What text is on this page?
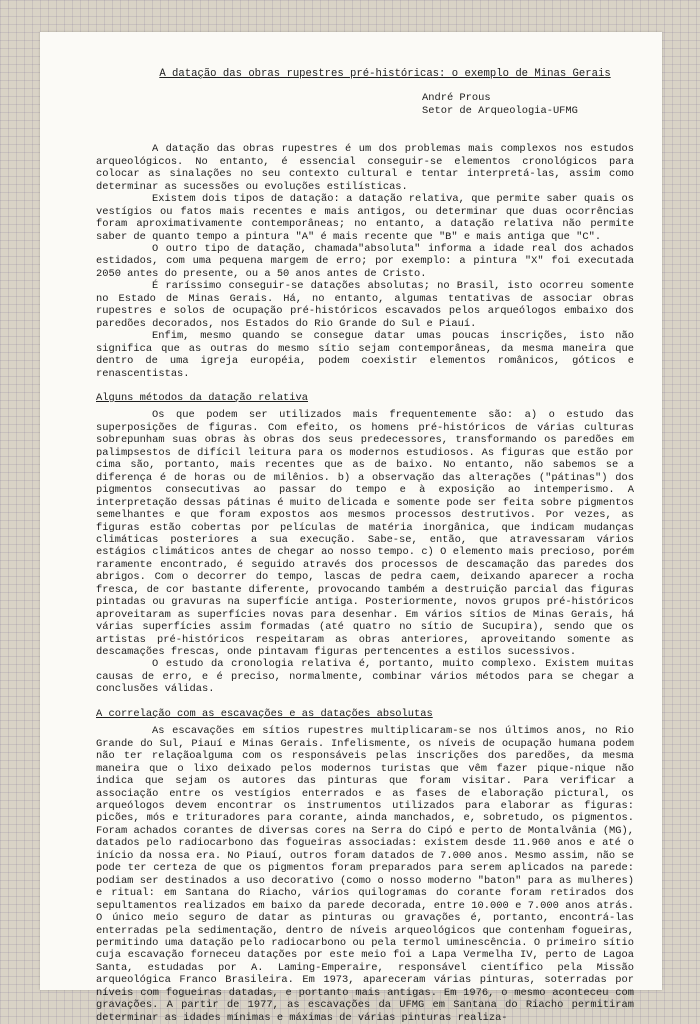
A datação das obras rupestres pré-históricas: o exemplo de Minas Gerais
André Prous
Setor de Arqueologia-UFMG

A datação das obras rupestres é um dos problemas mais complexos nos estudos arqueológicos. No entanto, é essencial conseguir-se elementos cronológicos para colocar as sinalações no seu contexto cultural e tentar interpretá-las, assim como determinar as sucessões ou evoluções estilísticas.

Existem dois tipos de datação: a datação relativa, que permite saber quais os vestígios ou fatos mais recentes e mais antigos, ou determinar que duas ocorrências foram aproximativamente contemporâneas; no entanto, a datação relativa não permite saber de quanto tempo a pintura "A" é mais recente que "B" e mais antiga que "C".

O outro tipo de datação, chamada"absoluta" informa a idade real dos achados estidados, com uma pequena margem de erro; por exemplo: a pintura "X" foi executada 2050 antes do presente, ou a 50 anos antes de Cristo.

É raríssimo conseguir-se datações absolutas; no Brasil, isto ocorreu somente no Estado de Minas Gerais. Há, no entanto, algumas tentativas de associar obras rupestres e solos de ocupação pré-históricos escavados pelos arqueólogos embaixo dos paredões decorados, nos Estados do Rio Grande do Sul e Piauí.

Enfim, mesmo quando se consegue datar umas poucas inscrições, isto não significa que as outras do mesmo sítio sejam contemporâneas, da mesma maneira que dentro de uma igreja européia, podem coexistir elementos românicos, góticos e renascentistas.

Alguns métodos da datação relativa

Os que podem ser utilizados mais frequentemente são: a) o estudo das superposições de figuras. Com efeito, os homens pré-históricos de várias culturas sobrepunham suas obras às obras dos seus predecessores, transformando os paredões em palimpsestos de difícil leitura para os modernos estudiosos. As figuras que estão por cima são, portanto, mais recentes que as de baixo. No entanto, não sabemos se a diferença é de horas ou de milênios. b) a observação das alterações ("pátinas") dos pigmentos consecutivas ao passar do tempo e à exposição ao intemperismo. A interpretação dessas pátinas é muito delicada e somente pode ser feita sobre pigmentos semelhantes e que foram expostos aos mesmos processos destrutivos. Por vezes, as figuras estão cobertas por películas de matéria inorgânica, que indicam mudanças climáticas posteriores a sua execução. Sabe-se, então, que atravessaram vários estágios climáticos antes de chegar ao nosso tempo. c) O elemento mais precioso, porém raramente encontrado, é seguido através dos processos de descamação das paredes dos abrigos. Com o decorrer do tempo, lascas de pedra caem, deixando aparecer a rocha fresca, de cor bastante diferente, provocando também a destruição parcial das figuras pintadas ou gravuras na superfície antiga. Posteriormente, novos grupos pré-históricos aproveitaram as superfícies novas para desenhar. Em vários sítios de Minas Gerais, há várias superfícies assim formadas (até quatro no sítio de Sucupira), sendo que os artistas pré-históricos respeitaram as obras anteriores, aproveitando somente as descamações frescas, onde pintavam figuras pertencentes a estilos sucessivos.

O estudo da cronologia relativa é, portanto, muito complexo. Existem muitas causas de erro, e é preciso, normalmente, combinar vários métodos para se chegar a conclusões válidas.

A correlação com as escavações e as datações absolutas

As escavações em sítios rupestres multiplicaram-se nos últimos anos, no Rio Grande do Sul, Piauí e Minas Gerais. Infelismente, os níveis de ocupação humana podem não ter relaçãoalguma com os responsáveis pelas inscrições dos paredões, da mesma maneira que o lixo deixado pelos modernos turistas que vêm fazer pique-nique não indica que sejam os autores das pinturas que foram visitar. Para verificar a associação entre os vestígios enterrados e as fases de elaboração pictural, os arqueólogos devem encontrar os instrumentos utilizados para elaborar as figuras: picões, mós e trituradores para corante, ainda manchados, e, sobretudo, os pigmentos. Foram achados corantes de diversas cores na Serra do Cipó e perto de Montalvânia (MG), datados pelo radiocarbono das fogueiras associadas: existem desde 11.960 anos e até o início da nossa era. No Piauí, outros foram datados de 7.000 anos. Mesmo assim, não se pode ter certeza de que os pigmentos foram preparados para serem aplicados na parede: podiam ser destinados a uso decorativo (como o nosso moderno "baton" para as mulheres) e ritual: em Santana do Riacho, vários quilogramas do corante foram retirados dos sepultamentos realizados em baixo da parede decorada, entre 10.000 e 7.000 anos atrás. O único meio seguro de datar as pinturas ou gravações é, portanto, encontrá-las enterradas pela sedimentação, dentro de níveis arqueológicos que contenham fogueiras, permitindo uma datação pelo radiocarbono ou pela termol uminescência. O primeiro sítio cuja escavação forneceu datações por este meio foi a Lapa Vermelha IV, perto de Lagoa Santa, estudadas por A. Laming-Emperaire, responsável científico pela Missão arqueológica Franco Brasileira. Em 1973, apareceram várias pinturas, soterradas por níveis com fogueiras datadas, e portanto mais antigas. Em 1976, o mesmo aconteceu com gravações. A partir de 1977, as escavações da UFMG em Santana do Riacho permitiram determinar as idades mínimas e máximas de várias pinturas realiza-
